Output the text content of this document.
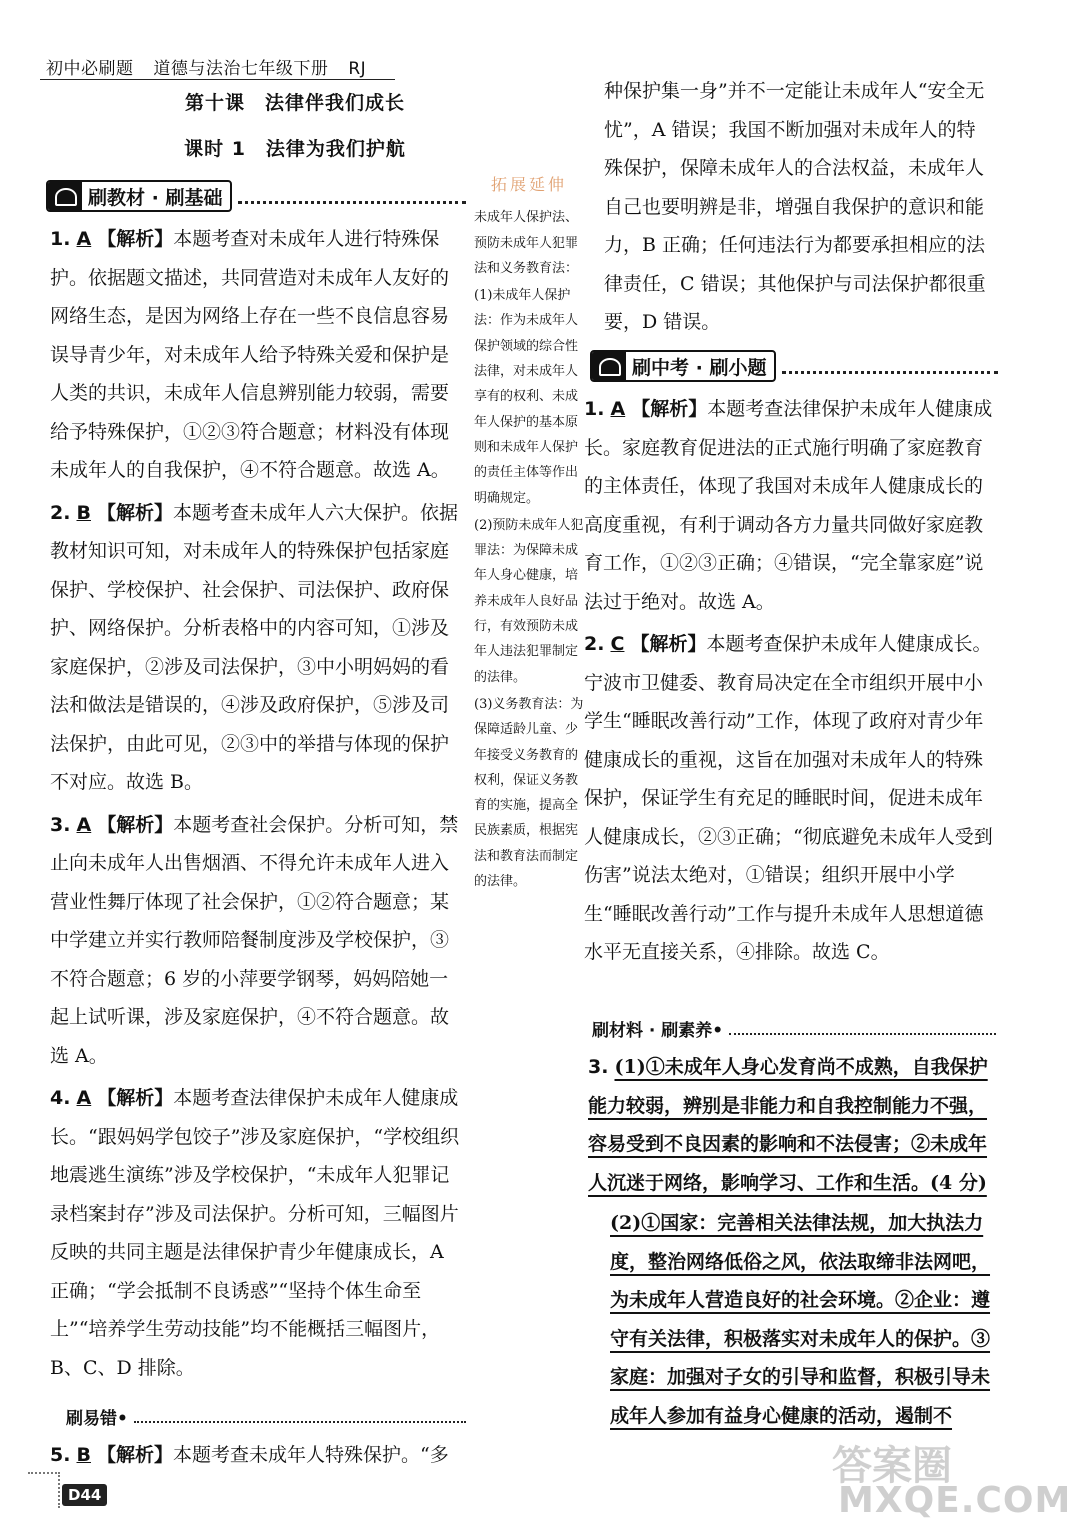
初中必刷题 道德与法治七年级下册 RJ
第十课　法律伴我们成长
课时 1　法律为我们护航
刷教材 · 刷基础

1. A 【解析】本题考查对未成年人进行特殊保护。依据题文描述，共同营造对未成年人友好的网络生态，是因为网络上存在一些不良信息容易误导青少年，对未成年人给予特殊关爱和保护是人类的共识，未成年人信息辨别能力较弱，需要给予特殊保护，①②③符合题意；材料没有体现未成年人的自我保护，④不符合题意。故选 A。

2. B 【解析】本题考查未成年人六大保护。依据教材知识可知，对未成年人的特殊保护包括家庭保护、学校保护、社会保护、司法保护、政府保护、网络保护。分析表格中的内容可知，①涉及家庭保护，②涉及司法保护，③中小明妈妈的看法和做法是错误的，④涉及政府保护，⑤涉及司法保护，由此可见，②③中的举措与体现的保护不对应。故选 B。

3. A 【解析】本题考查社会保护。分析可知，禁止向未成年人出售烟酒、不得允许未成年人进入营业性舞厅体现了社会保护，①②符合题意；某中学建立并实行教师陪餐制度涉及学校保护，③不符合题意；6 岁的小萍要学钢琴，妈妈陪她一起上试听课，涉及家庭保护，④不符合题意。故选 A。

4. A 【解析】本题考查法律保护未成年人健康成长。“跟妈妈学包饺子”涉及家庭保护，“学校组织地震逃生演练”涉及学校保护，“未成年人犯罪记录档案封存”涉及司法保护。分析可知，三幅图片反映的共同主题是法律保护青少年健康成长，A 正确；“学会抵制不良诱惑”“坚持个体生命至上”“培养学生劳动技能”均不能概括三幅图片，B、C、D 排除。

刷易错•

5. B 【解析】本题考查未成年人特殊保护。“多

拓展延伸

未成年人保护法、预防未成年人犯罪法和义务教育法：

(1)未成年人保护法：作为未成年人保护领域的综合性法律，对未成年人享有的权利、未成年人保护的基本原则和未成年人保护的责任主体等作出明确规定。

(2)预防未成年人犯罪法：为保障未成年人身心健康，培养未成年人良好品行，有效预防未成年人违法犯罪制定的法律。

(3)义务教育法：为保障适龄儿童、少年接受义务教育的权利，保证义务教育的实施，提高全民族素质，根据宪法和教育法而制定的法律。

种保护集一身”并不一定能让未成年人“安全无忧”，A 错误；我国不断加强对未成年人的特殊保护，保障未成年人的合法权益，未成年人自己也要明辨是非，增强自我保护的意识和能力，B 正确；任何违法行为都要承担相应的法律责任，C 错误；其他保护与司法保护都很重要，D 错误。

刷中考 · 刷小题

1. A 【解析】本题考查法律保护未成年人健康成长。家庭教育促进法的正式施行明确了家庭教育的主体责任，体现了我国对未成年人健康成长的高度重视，有利于调动各方力量共同做好家庭教育工作，①②③正确；④错误，“完全靠家庭”说法过于绝对。故选 A。

2. C 【解析】本题考查保护未成年人健康成长。宁波市卫健委、教育局决定在全市组织开展中小学生“睡眠改善行动”工作，体现了政府对青少年健康成长的重视，这旨在加强对未成年人的特殊保护，保证学生有充足的睡眠时间，促进未成年人健康成长，②③正确；“彻底避免未成年人受到伤害”说法太绝对，①错误；组织开展中小学生“睡眠改善行动”工作与提升未成年人思想道德水平无直接关系，④排除。故选 C。

刷材料 · 刷素养•

3. (1)①未成年人身心发育尚不成熟，自我保护能力较弱，辨别是非能力和自我控制能力不强，容易受到不良因素的影响和不法侵害；②未成年人沉迷于网络，影响学习、工作和生活。(4 分)

(2)①国家：完善相关法律法规，加大执法力度，整治网络低俗之风，依法取缔非法网吧，为未成年人营造良好的社会环境。②企业：遵守有关法律，积极落实对未成年人的保护。③家庭：加强对子女的引导和监督，积极引导未成年人参加有益身心健康的活动，遏制不

D44
答案圈
MXQE.COM
